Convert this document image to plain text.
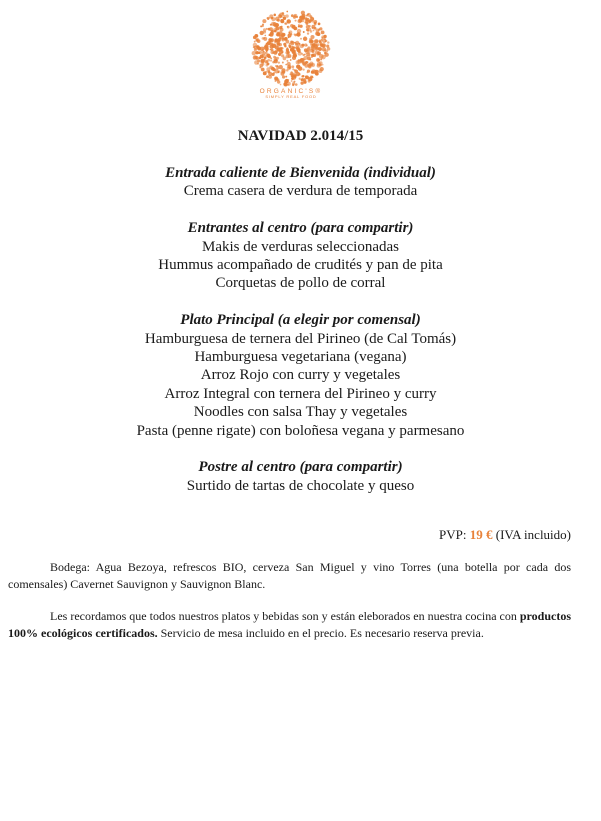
ORGANIC'S®
SIMPLY REAL FOOD
NAVIDAD 2.014/15
Entrada caliente de Bienvenida (individual)
Crema casera de verdura de temporada
Entrantes al centro (para compartir)
Makis de verduras seleccionadas
Hummus acompañado de crudités y pan de pita
Corquetas de pollo de corral
Plato Principal (a elegir por comensal)
Hamburguesa de ternera del Pirineo (de Cal Tomás)
Hamburguesa vegetariana (vegana)
Arroz Rojo con curry y vegetales
Arroz Integral con ternera del Pirineo y curry
Noodles con salsa Thay y vegetales
Pasta (penne rigate) con boloñesa vegana y parmesano
Postre al centro (para compartir)
Surtido de tartas de chocolate y queso
PVP: 19 € (IVA incluido)
Bodega: Agua Bezoya, refrescos BIO, cerveza San Miguel y vino Torres (una botella por cada dos comensales) Cavernet Sauvignon y Sauvignon Blanc.
Les recordamos que todos nuestros platos y bebidas son y están eleborados en nuestra cocina con productos 100% ecológicos certificados. Servicio de mesa incluido en el precio. Es necesario reserva previa.
